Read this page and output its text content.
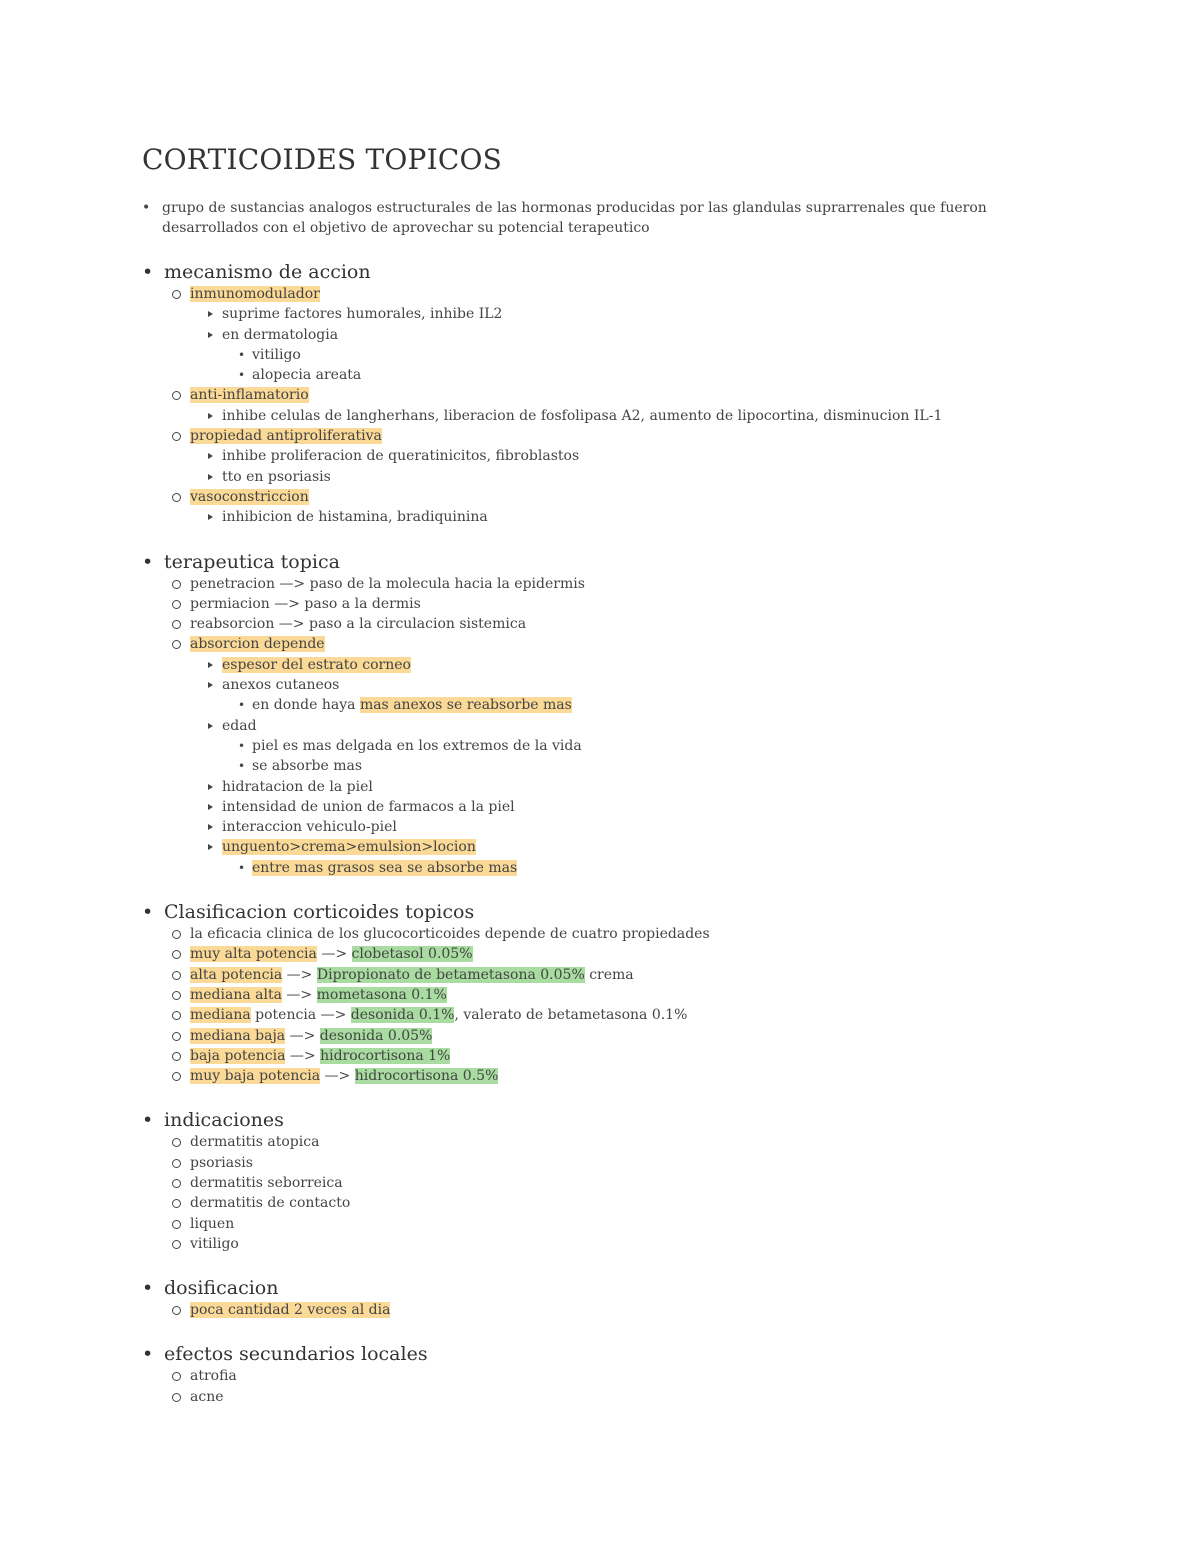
CORTICOIDES TOPICOS
• grupo de sustancias analogos estructurales de las hormonas producidas por las glandulas suprarrenales que fueron desarrollados con el objetivo de aprovechar su potencial terapeutico
• mecanismo de accion
inmunomodulador
suprime factores humorales, inhibe IL2
en dermatologia
• vitiligo
• alopecia areata
anti-inflamatorio
inhibe celulas de langherhans, liberacion de fosfolipasa A2, aumento de lipocortina, disminucion IL-1
propiedad antiproliferativa
inhibe proliferacion de queratinicitos, fibroblastos
tto en psoriasis
vasoconstriccion
inhibicion de histamina, bradiquinina
• terapeutica topica
penetracion —> paso de la molecula hacia la epidermis
permiacion —> paso a la dermis
reabsorcion —> paso a la circulacion sistemica
absorcion depende
espesor del estrato corneo
anexos cutaneos
• en donde haya mas anexos se reabsorbe mas
edad
• piel es mas delgada en los extremos de la vida
• se absorbe mas
hidratacion de la piel
intensidad de union de farmacos a la piel
interaccion vehiculo-piel
unguento>crema>emulsion>locion
• entre mas grasos sea se absorbe mas
• Clasificacion corticoides topicos
la eficacia clinica de los glucocorticoides depende de cuatro propiedades
muy alta potencia —> clobetasol 0.05%
alta potencia —> Dipropionato de betametasona 0.05% crema
mediana alta —> mometasona 0.1%
mediana potencia —> desonida 0.1%, valerato de betametasona 0.1%
mediana baja —> desonida 0.05%
baja potencia —> hidrocortisona 1%
muy baja potencia —> hidrocortisona 0.5%
• indicaciones
dermatitis atopica
psoriasis
dermatitis seborreica
dermatitis de contacto
liquen
vitiligo
• dosificacion
poca cantidad 2 veces al dia
• efectos secundarios locales
atrofia
acne
